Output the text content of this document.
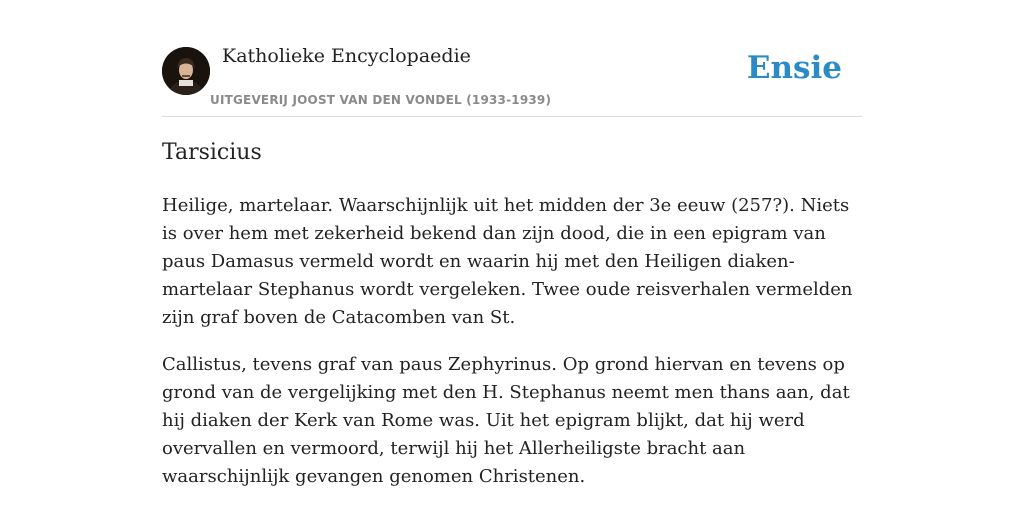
Katholieke Encyclopaedie
UITGEVERIJ JOOST VAN DEN VONDEL (1933-1939)
Ensie
Tarsicius

Heilige, martelaar. Waarschijnlijk uit het midden der 3e eeuw (257?). Niets is over hem met zekerheid bekend dan zijn dood, die in een epigram van paus Damasus vermeld wordt en waarin hij met den Heiligen diaken-martelaar Stephanus wordt vergeleken. Twee oude reisverhalen vermelden zijn graf boven de Catacomben van St.

Callistus, tevens graf van paus Zephyrinus. Op grond hiervan en tevens op grond van de vergelijking met den H. Stephanus neemt men thans aan, dat hij diaken der Kerk van Rome was. Uit het epigram blijkt, dat hij werd overvallen en vermoord, terwijl hij het Allerheiligste bracht aan waarschijnlijk gevangen genomen Christenen.
